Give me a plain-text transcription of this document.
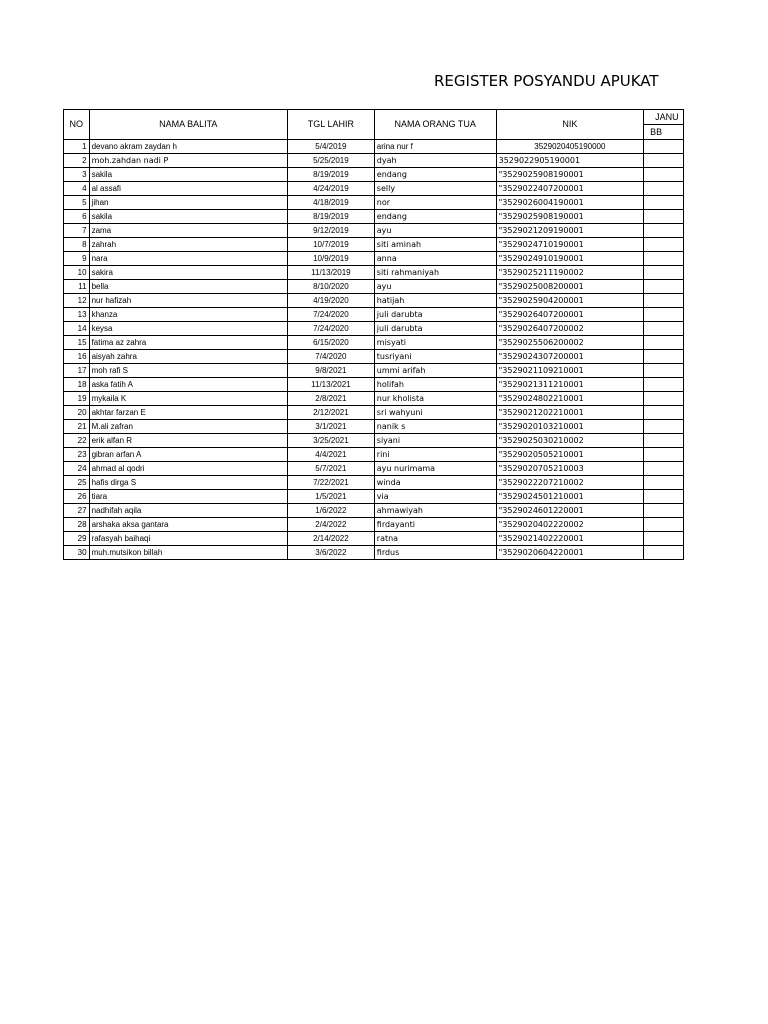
REGISTER POSYANDU APUKAT
NO	NAMA BALITA	TGL LAHIR	NAMA ORANG TUA	NIK	JANU
					BB
1	devano akram zaydan h	5/4/2019	arina nur f	3529020405190000	
2	moh.zahdan nadi P	5/25/2019	dyah	3529022905190001	
3	sakila	8/19/2019	endang	"3529025908190001	
4	al assafi	4/24/2019	selly	"3529022407200001	
5	jihan	4/18/2019	nor	"3529026004190001	
6	sakila	8/19/2019	endang	"3529025908190001	
7	zama	9/12/2019	ayu	"3529021209190001	
8	zahrah	10/7/2019	siti aminah	"3529024710190001	
9	nara	10/9/2019	anna	"3529024910190001	
10	sakira	11/13/2019	siti rahmaniyah	"3529025211190002	
11	bella	8/10/2020	ayu	"3529025008200001	
12	nur hafizah	4/19/2020	hatijah	"3529025904200001	
13	khanza	7/24/2020	juli darubta	"3529026407200001	
14	keysa	7/24/2020	juli darubta	"3529026407200002	
15	fatima az zahra	6/15/2020	misyati	"3529025506200002	
16	aisyah zahra	7/4/2020	tusriyani	"3529024307200001	
17	moh rafi S	9/8/2021	ummi arifah	"3529021109210001	
18	aska fatih A	11/13/2021	holifah	"3529021311210001	
19	mykaila K	2/8/2021	nur kholista	"3529024802210001	
20	akhtar farzan E	2/12/2021	sri wahyuni	"3529021202210001	
21	M.ali zafran	3/1/2021	nanik s	"3529020103210001	
22	erik alfan R	3/25/2021	siyani	"3529025030210002	
23	gibran arfan A	4/4/2021	rini	"3529020505210001	
24	ahmad al qodri	5/7/2021	ayu nurimama	"3529020705210003	
25	hafis dirga S	7/22/2021	winda	"3529022207210002	
26	tiara	1/5/2021	via	"3529024501210001	
27	nadhifah aqila	1/6/2022	ahmawiyah	"3529024601220001	
28	arshaka aksa gantara	2/4/2022	firdayanti	"3529020402220002	
29	rafasyah baihaqi	2/14/2022	ratna	"3529021402220001	
30	muh.mutsikon billah	3/6/2022	firdus	"3529020604220001	
